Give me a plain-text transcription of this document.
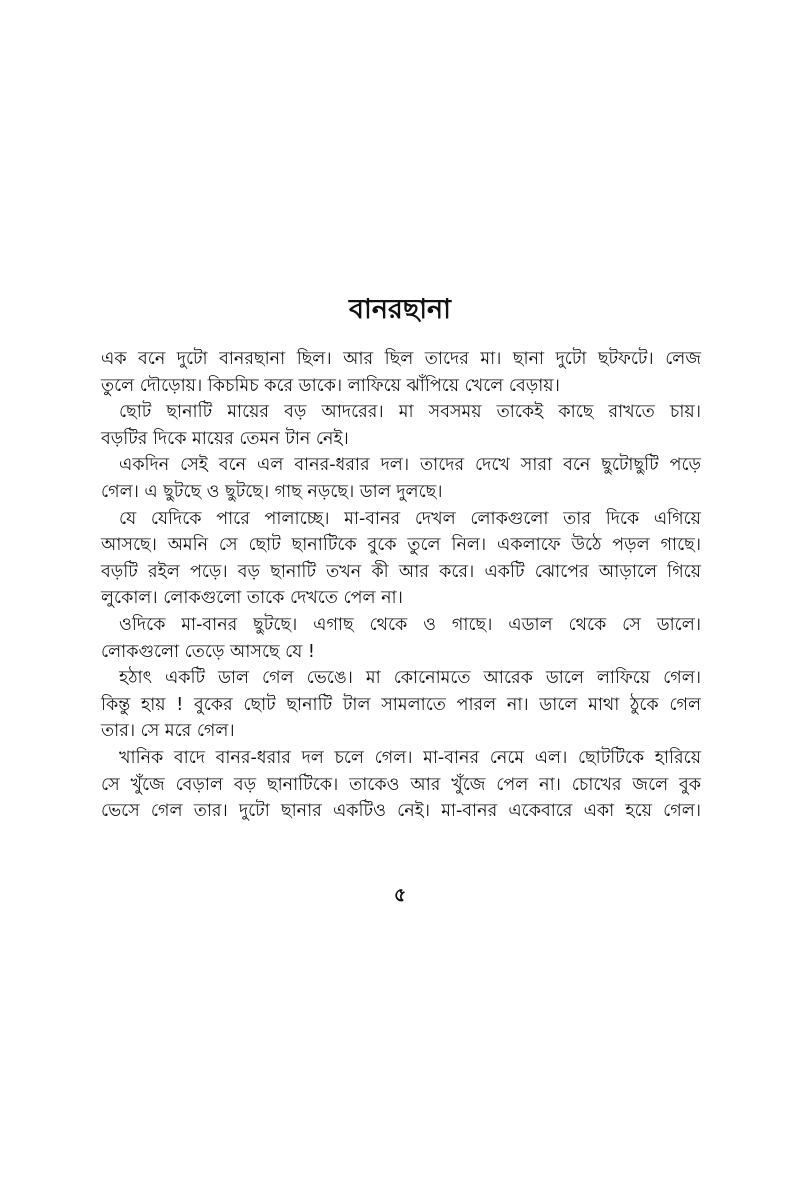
বানরছানা
এক বনে দুটো বানরছানা ছিল। আর ছিল তাদের মা। ছানা দুটো ছটফটে। লেজ
তুলে দৌড়োয়। কিচমিচ করে ডাকে। লাফিয়ে ঝাঁপিয়ে খেলে বেড়ায়।
ছোট ছানাটি মায়ের বড় আদরের। মা সবসময় তাকেই কাছে রাখতে চায়।
বড়টির দিকে মায়ের তেমন টান নেই।
একদিন সেই বনে এল বানর-ধরার দল। তাদের দেখে সারা বনে ছুটোছুটি পড়ে
গেল। এ ছুটছে ও ছুটছে। গাছ নড়ছে। ডাল দুলছে।
যে যেদিকে পারে পালাচ্ছে। মা-বানর দেখল লোকগুলো তার দিকে এগিয়ে
আসছে। অমনি সে ছোট ছানাটিকে বুকে তুলে নিল। একলাফে উঠে পড়ল গাছে।
বড়টি রইল পড়ে। বড় ছানাটি তখন কী আর করে। একটি ঝোপের আড়ালে গিয়ে
লুকোল। লোকগুলো তাকে দেখতে পেল না।
ওদিকে মা-বানর ছুটছে। এগাছ থেকে ও গাছে। এডাল থেকে সে ডালে।
লোকগুলো তেড়ে আসছে যে !
হঠাৎ একটি ডাল গেল ভেঙে। মা কোনোমতে আরেক ডালে লাফিয়ে গেল।
কিন্তু হায় ! বুকের ছোট ছানাটি টাল সামলাতে পারল না। ডালে মাথা ঠুকে গেল
তার। সে মরে গেল।
খানিক বাদে বানর-ধরার দল চলে গেল। মা-বানর নেমে এল। ছোটটিকে হারিয়ে
সে খুঁজে বেড়াল বড় ছানাটিকে। তাকেও আর খুঁজে পেল না। চোখের জলে বুক
ভেসে গেল তার। দুটো ছানার একটিও নেই। মা-বানর একেবারে একা হয়ে গেল।
৫
